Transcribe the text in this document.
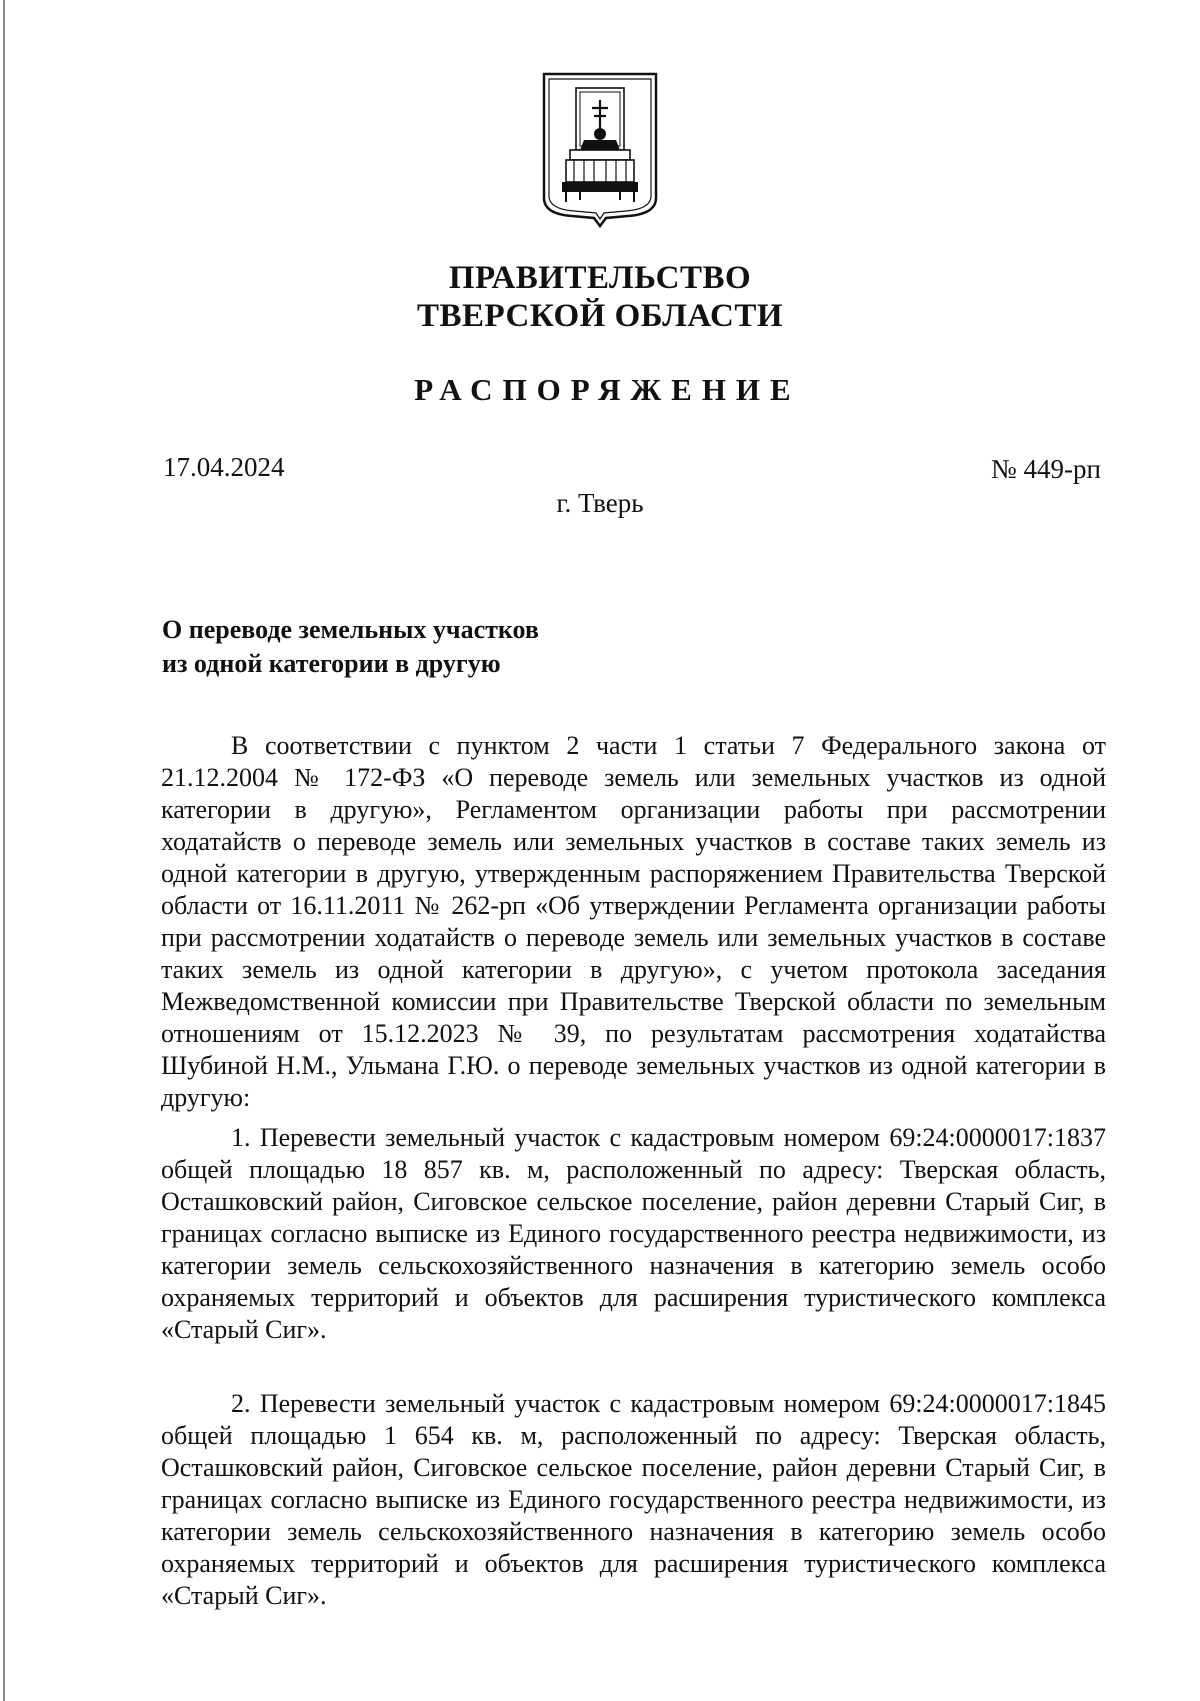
ПРАВИТЕЛЬСТВО
ТВЕРСКОЙ ОБЛАСТИ
РАСПОРЯЖЕНИЕ
17.04.2024	№ 449-рп
г. Тверь
О переводе земельных участков
из одной категории в другую

В соответствии с пунктом 2 части 1 статьи 7 Федерального закона от 21.12.2004 № 172-ФЗ «О переводе земель или земельных участков из одной категории в другую», Регламентом организации работы при рассмотрении ходатайств о переводе земель или земельных участков в составе таких земель из одной категории в другую, утвержденным распоряжением Правительства Тверской области от 16.11.2011 № 262-рп «Об утверждении Регламента организации работы при рассмотрении ходатайств о переводе земель или земельных участков в составе таких земель из одной категории в другую», с учетом протокола заседания Межведомственной комиссии при Правительстве Тверской области по земельным отношениям от 15.12.2023 № 39, по результатам рассмотрения ходатайства Шубиной Н.М., Ульмана Г.Ю. о переводе земельных участков из одной категории в другую:

1. Перевести земельный участок с кадастровым номером 69:24:0000017:1837 общей площадью 18 857 кв. м, расположенный по адресу: Тверская область, Осташковский район, Сиговское сельское поселение, район деревни Старый Сиг, в границах согласно выписке из Единого государственного реестра недвижимости, из категории земель сельскохозяйственного назначения в категорию земель особо охраняемых территорий и объектов для расширения туристического комплекса «Старый Сиг».

2. Перевести земельный участок с кадастровым номером 69:24:0000017:1845 общей площадью 1 654 кв. м, расположенный по адресу: Тверская область, Осташковский район, Сиговское сельское поселение, район деревни Старый Сиг, в границах согласно выписке из Единого государственного реестра недвижимости, из категории земель сельскохозяйственного назначения в категорию земель особо охраняемых территорий и объектов для расширения туристического комплекса «Старый Сиг».
